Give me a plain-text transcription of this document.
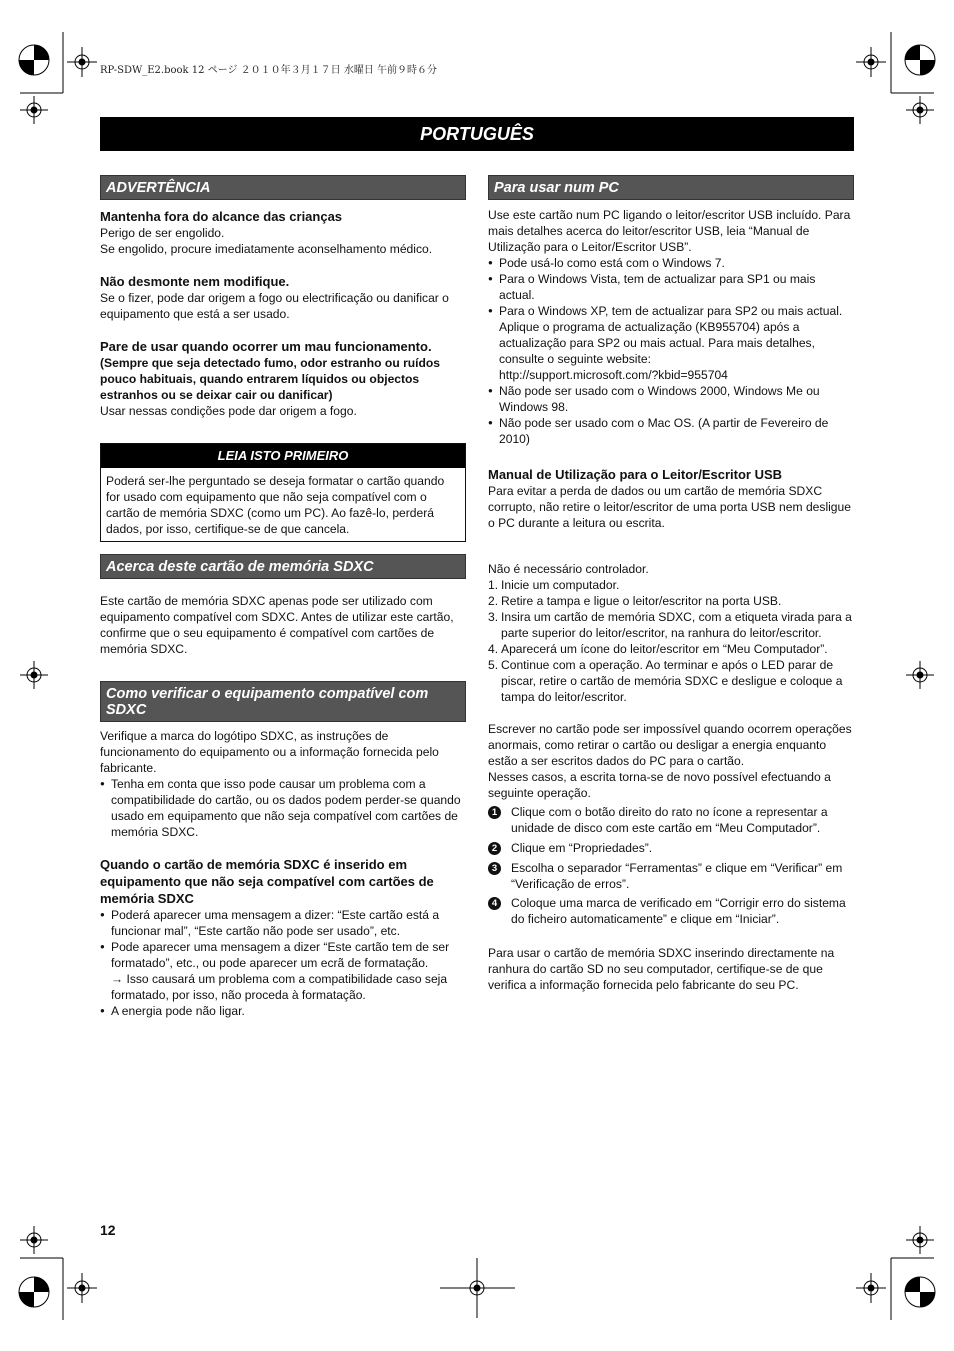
RP-SDW_E2.book 12 ページ ２０１０年３月１７日 水曜日 午前９時６分
PORTUGUÊS
ADVERTÊNCIA

Mantenha fora do alcance das crianças

Perigo de ser engolido.

Se engolido, procure imediatamente aconselhamento médico.

Não desmonte nem modifique.

Se o fizer, pode dar origem a fogo ou electrificação ou danificar o equipamento que está a ser usado.

Pare de usar quando ocorrer um mau funcionamento.

(Sempre que seja detectado fumo, odor estranho ou ruídos pouco habituais, quando entrarem líquidos ou objectos estranhos ou se deixar cair ou danificar)

Usar nessas condições pode dar origem a fogo.

LEIA ISTO PRIMEIRO
Poderá ser-lhe perguntado se deseja formatar o cartão quando for usado com equipamento que não seja compatível com o cartão de memória SDXC (como um PC). Ao fazê-lo, perderá dados, por isso, certifique-se de que cancela.
Acerca deste cartão de memória SDXC

Este cartão de memória SDXC apenas pode ser utilizado com equipamento compatível com SDXC. Antes de utilizar este cartão, confirme que o seu equipamento é compatível com cartões de memória SDXC.

Como verificar o equipamento compatível com SDXC

Verifique a marca do logótipo SDXC, as instruções de funcionamento do equipamento ou a informação fornecida pelo fabricante.

● Tenha em conta que isso pode causar um problema com a compatibilidade do cartão, ou os dados podem perder-se quando usado em equipamento que não seja compatível com cartões de memória SDXC.

Quando o cartão de memória SDXC é inserido em equipamento que não seja compatível com cartões de memória SDXC

● Poderá aparecer uma mensagem a dizer: “Este cartão está a funcionar mal”, “Este cartão não pode ser usado”, etc.
● Pode aparecer uma mensagem a dizer “Este cartão tem de ser formatado”, etc., ou pode aparecer um ecrã de formatação.
→ Isso causará um problema com a compatibilidade caso seja formatado, por isso, não proceda à formatação.
● A energia pode não ligar.
Para usar num PC

Use este cartão num PC ligando o leitor/escritor USB incluído. Para mais detalhes acerca do leitor/escritor USB, leia “Manual de Utilização para o Leitor/Escritor USB”.

● Pode usá-lo como está com o Windows 7.
● Para o Windows Vista, tem de actualizar para SP1 ou mais actual.
● Para o Windows XP, tem de actualizar para SP2 ou mais actual. Aplique o programa de actualização (KB955704) após a actualização para SP2 ou mais actual. Para mais detalhes, consulte o seguinte website:
http://support.microsoft.com/?kbid=955704
● Não pode ser usado com o Windows 2000, Windows Me ou Windows 98.
● Não pode ser usado com o Mac OS. (A partir de Fevereiro de 2010)

Manual de Utilização para o Leitor/Escritor USB

Para evitar a perda de dados ou um cartão de memória SDXC corrupto, não retire o leitor/escritor de uma porta USB nem desligue o PC durante a leitura ou escrita.

Não é necessário controlador.

1. Inicie um computador.
2. Retire a tampa e ligue o leitor/escritor na porta USB.
3. Insira um cartão de memória SDXC, com a etiqueta virada para a parte superior do leitor/escritor, na ranhura do leitor/escritor.
4. Aparecerá um ícone do leitor/escritor em “Meu Computador”.
5. Continue com a operação. Ao terminar e após o LED parar de piscar, retire o cartão de memória SDXC e desligue e coloque a tampa do leitor/escritor.

Escrever no cartão pode ser impossível quando ocorrem operações anormais, como retirar o cartão ou desligar a energia enquanto estão a ser escritos dados do PC para o cartão.

Nesses casos, a escrita torna-se de novo possível efectuando a seguinte operação.

1	Clique com o botão direito do rato no ícone a representar a unidade de disco com este cartão em “Meu Computador”.
2	Clique em “Propriedades”.
3	Escolha o separador “Ferramentas” e clique em “Verificar” em “Verificação de erros”.
4	Coloque uma marca de verificado em “Corrigir erro do sistema do ficheiro automaticamente” e clique em “Iniciar”.

Para usar o cartão de memória SDXC inserindo directamente na ranhura do cartão SD no seu computador, certifique-se de que verifica a informação fornecida pelo fabricante do seu PC.

12
